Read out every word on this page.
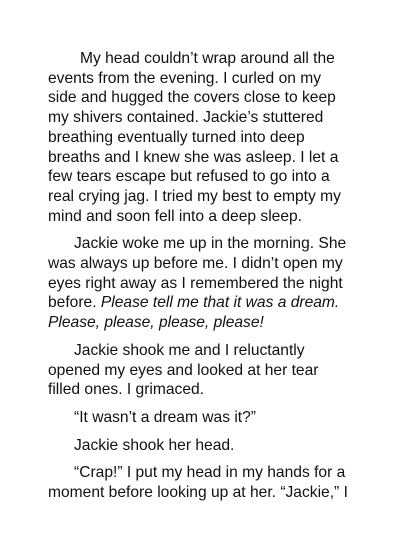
My head couldn’t wrap around all the
events from the evening. I curled on my
side and hugged the covers close to keep
my shivers contained. Jackie’s stuttered
breathing eventually turned into deep
breaths and I knew she was asleep. I let a
few tears escape but refused to go into a
real crying jag. I tried my best to empty my
mind and soon fell into a deep sleep.

Jackie woke me up in the morning. She
was always up before me. I didn’t open my
eyes right away as I remembered the night
before. Please tell me that it was a dream.
Please, please, please, please!

Jackie shook me and I reluctantly
opened my eyes and looked at her tear
filled ones. I grimaced.

“It wasn’t a dream was it?”

Jackie shook her head.

“Crap!” I put my head in my hands for a
moment before looking up at her. “Jackie,” I
